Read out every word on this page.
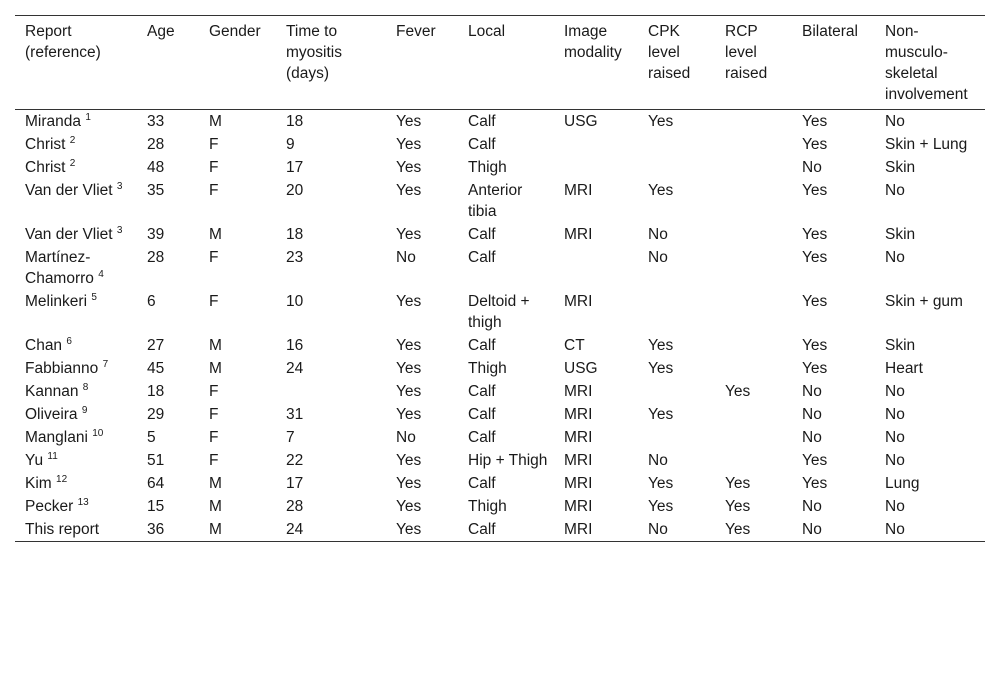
Report (reference)	Age	Gender	Time to myositis (days)	Fever	Local	Image modality	CPK level raised	RCP level raised	Bilateral	Non-musculo-skeletal involvement
Miranda $^1$	33	M	18	Yes	Calf	USG	Yes		Yes	No
Christ $^2$	28	F	9	Yes	Calf				Yes	Skin + Lung
Christ $^2$	48	F	17	Yes	Thigh				No	Skin
Van der Vliet $^3$	35	F	20	Yes	Anterior tibia	MRI	Yes		Yes	No
Van der Vliet $^3$	39	M	18	Yes	Calf	MRI	No		Yes	Skin
Martínez-Chamorro $^4$	28	F	23	No	Calf		No		Yes	No
Melinkeri $^5$	6	F	10	Yes	Deltoid + thigh	MRI			Yes	Skin + gum
Chan $^6$	27	M	16	Yes	Calf	CT	Yes		Yes	Skin
Fabbianno $^7$	45	M	24	Yes	Thigh	USG	Yes		Yes	Heart
Kannan $^8$	18	F		Yes	Calf	MRI		Yes	No	No
Oliveira $^9$	29	F	31	Yes	Calf	MRI	Yes		No	No
Manglani $^{10}$	5	F	7	No	Calf	MRI			No	No
Yu $^{11}$	51	F	22	Yes	Hip + Thigh	MRI	No		Yes	No
Kim $^{12}$	64	M	17	Yes	Calf	MRI	Yes	Yes	Yes	Lung
Pecker $^{13}$	15	M	28	Yes	Thigh	MRI	Yes	Yes	No	No
This report	36	M	24	Yes	Calf	MRI	No	Yes	No	No
